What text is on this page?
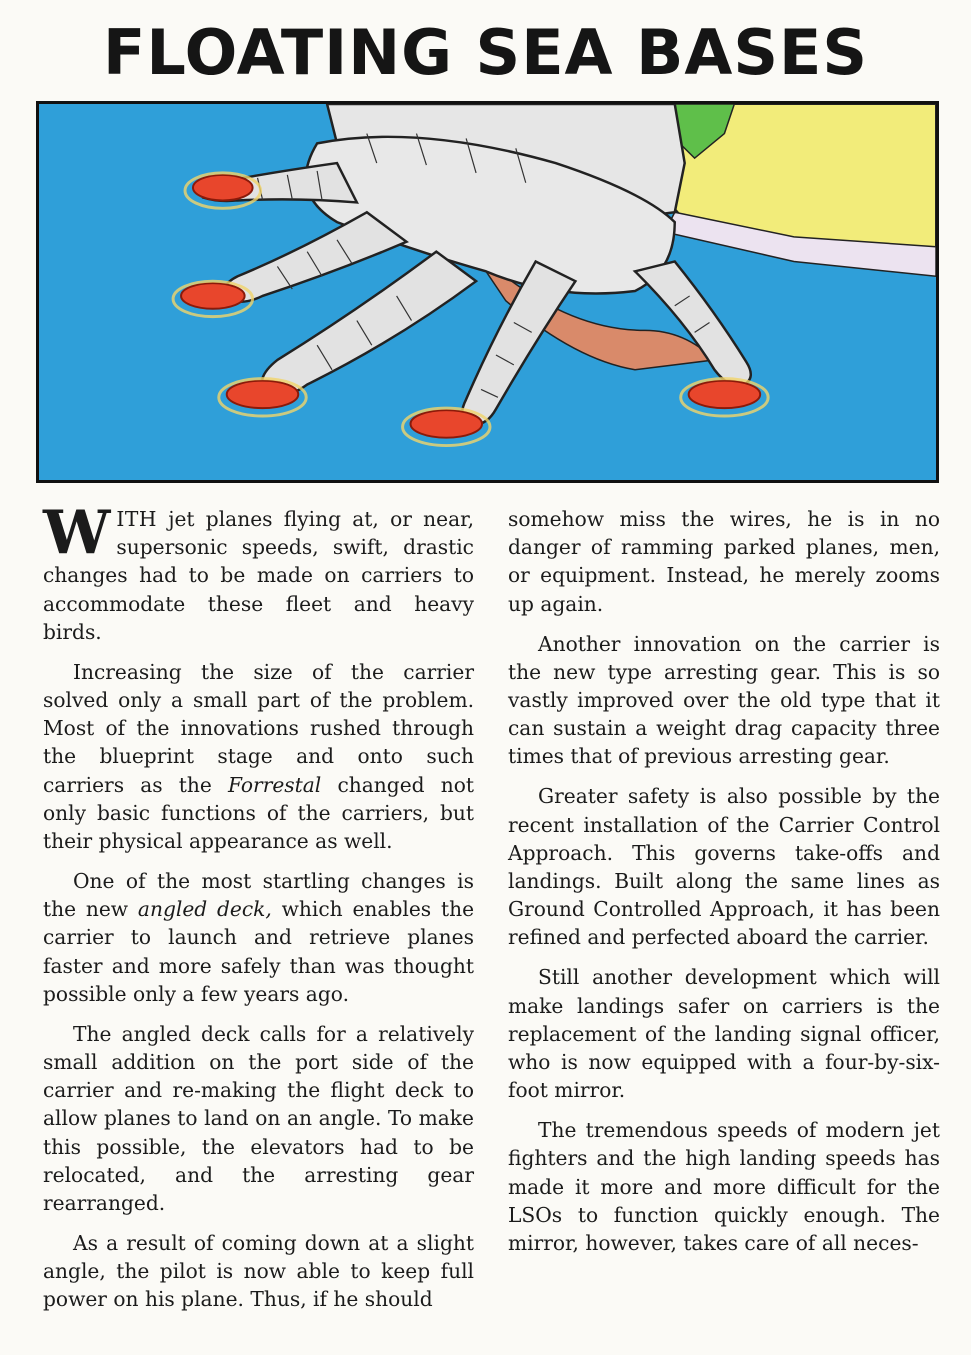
FLOATING SEA BASES

WITH jet planes flying at, or near, supersonic speeds, swift, drastic changes had to be made on carriers to accommodate these fleet and heavy birds.

Increasing the size of the carrier solved only a small part of the problem. Most of the innovations rushed through the blueprint stage and onto such carriers as the Forrestal changed not only basic functions of the carriers, but their physical appearance as well.

One of the most startling changes is the new angled deck, which enables the carrier to launch and retrieve planes faster and more safely than was thought possible only a few years ago.

The angled deck calls for a relatively small addition on the port side of the carrier and re-making the flight deck to allow planes to land on an angle. To make this possible, the elevators had to be relocated, and the arresting gear rearranged.

As a result of coming down at a slight angle, the pilot is now able to keep full power on his plane. Thus, if he should

somehow miss the wires, he is in no danger of ramming parked planes, men, or equipment. Instead, he merely zooms up again.

Another innovation on the carrier is the new type arresting gear. This is so vastly improved over the old type that it can sustain a weight drag capacity three times that of previous arresting gear.

Greater safety is also possible by the recent installation of the Carrier Control Approach. This governs take-offs and landings. Built along the same lines as Ground Controlled Approach, it has been refined and perfected aboard the carrier.

Still another development which will make landings safer on carriers is the replacement of the landing signal officer, who is now equipped with a four-by-six-foot mirror.

The tremendous speeds of modern jet fighters and the high landing speeds has made it more and more difficult for the LSOs to function quickly enough. The mirror, however, takes care of all neces-
